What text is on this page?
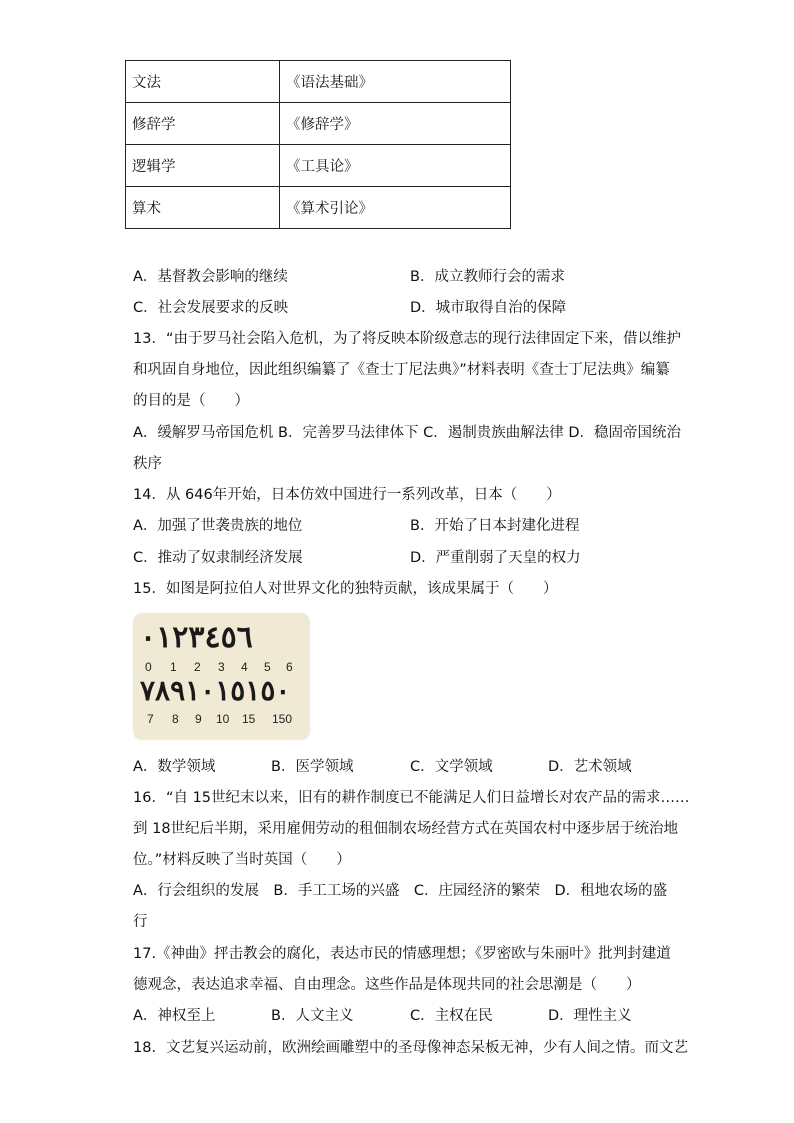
文法	《语法基础》
修辞学	《修辞学》
逻辑学	《工具论》
算术	《算术引论》
A．基督教会影响的继续	B．成立教师行会的需求
C．社会发展要求的反映	D．城市取得自治的保障
13．“由于罗马社会陷入危机，为了将反映本阶级意志的现行法律固定下来，借以维护
和巩固自身地位，因此组织编纂了《查士丁尼法典》”材料表明《查士丁尼法典》编纂
的目的是（　　）
A．缓解罗马帝国危机 B．完善罗马法律体下 C．遏制贵族曲解法律 D．稳固帝国统治
秩序
14．从 646年开始，日本仿效中国进行一系列改革，日本（　　）
A．加强了世袭贵族的地位	B．开始了日本封建化进程
C．推动了奴隶制经济发展	D．严重削弱了天皇的权力
15．如图是阿拉伯人对世界文化的独特贡献，该成果属于（　　）
٠١٢٣٤٥٦
0 1 2 3 4 5 6
٧٨٩١٠١٥١٥٠
7 8 9 10 15 150
A．数学领域	B．医学领域	C．文学领域	D．艺术领域
16．“自 15世纪末以来，旧有的耕作制度已不能满足人们日益增长对农产品的需求……
到 18世纪后半期，采用雇佣劳动的租佃制农场经营方式在英国农村中逐步居于统治地
位。”材料反映了当时英国（　　）
A．行会组织的发展　B．手工工场的兴盛　C．庄园经济的繁荣　D．租地农场的盛
行
17.《神曲》抨击教会的腐化，表达市民的情感理想；《罗密欧与朱丽叶》批判封建道
德观念，表达追求幸福、自由理念。这些作品是体现共同的社会思潮是（　　）
A．神权至上	B．人文主义	C．主权在民	D．理性主义
18．文艺复兴运动前，欧洲绘画雕塑中的圣母像神态呆板无神，少有人间之情。而文艺
